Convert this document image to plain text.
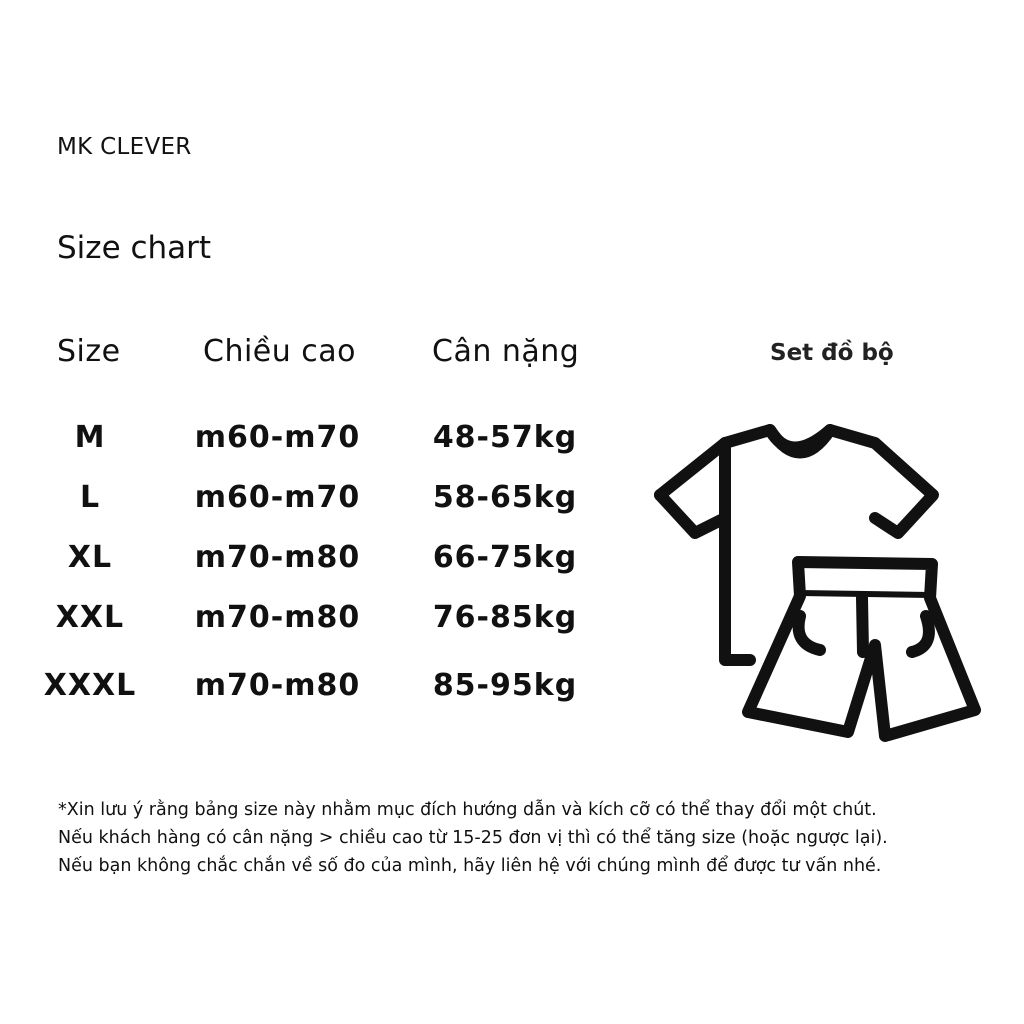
MK CLEVER
Size chart
Size	Chiều cao	Cân nặng	Set đồ bộ
M	m60-m70	48-57kg
L	m60-m70	58-65kg
XL	m70-m80	66-75kg
XXL	m70-m80	76-85kg
XXXL	m70-m80	85-95kg
*Xin lưu ý rằng bảng size này nhằm mục đích hướng dẫn và kích cỡ có thể thay đổi một chút.
Nếu khách hàng có cân nặng > chiều cao từ 15-25 đơn vị thì có thể tăng size (hoặc ngược lại).
Nếu bạn không chắc chắn về số đo của mình, hãy liên hệ với chúng mình để được tư vấn nhé.
